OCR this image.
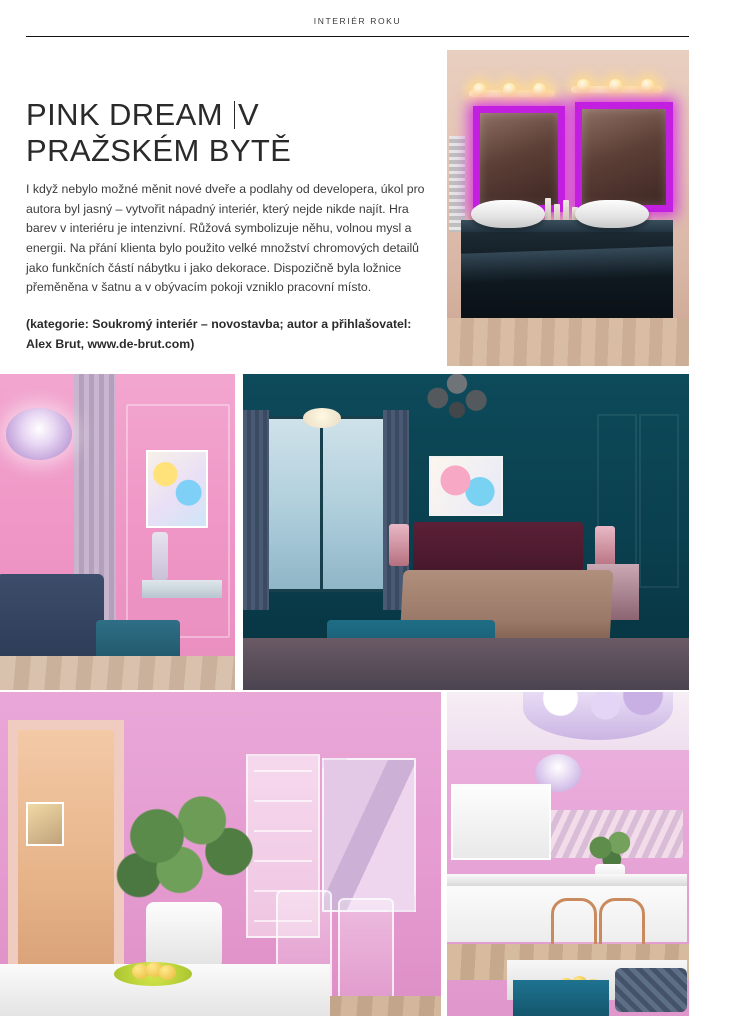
INTERIÉR ROKU
PINK DREAM V PRAŽSKÉM BYTĚ

I když nebylo možné měnit nové dveře a podlahy od developera, úkol pro autora byl jasný – vytvořit nápadný interiér, který nejde nikde najít. Hra barev v interiéru je intenzivní. Růžová symbolizuje něhu, volnou mysl a energii. Na přání klienta bylo použito velké množství chromových detailů jako funkčních částí nábytku i jako dekorace. Dispozičně byla ložnice přeměněna v šatnu a v obývacím pokoji vzniklo pracovní místo.

(kategorie: Soukromý interiér – novostavba; autor a přihlašovatel: Alex Brut, www.de-brut.com)
